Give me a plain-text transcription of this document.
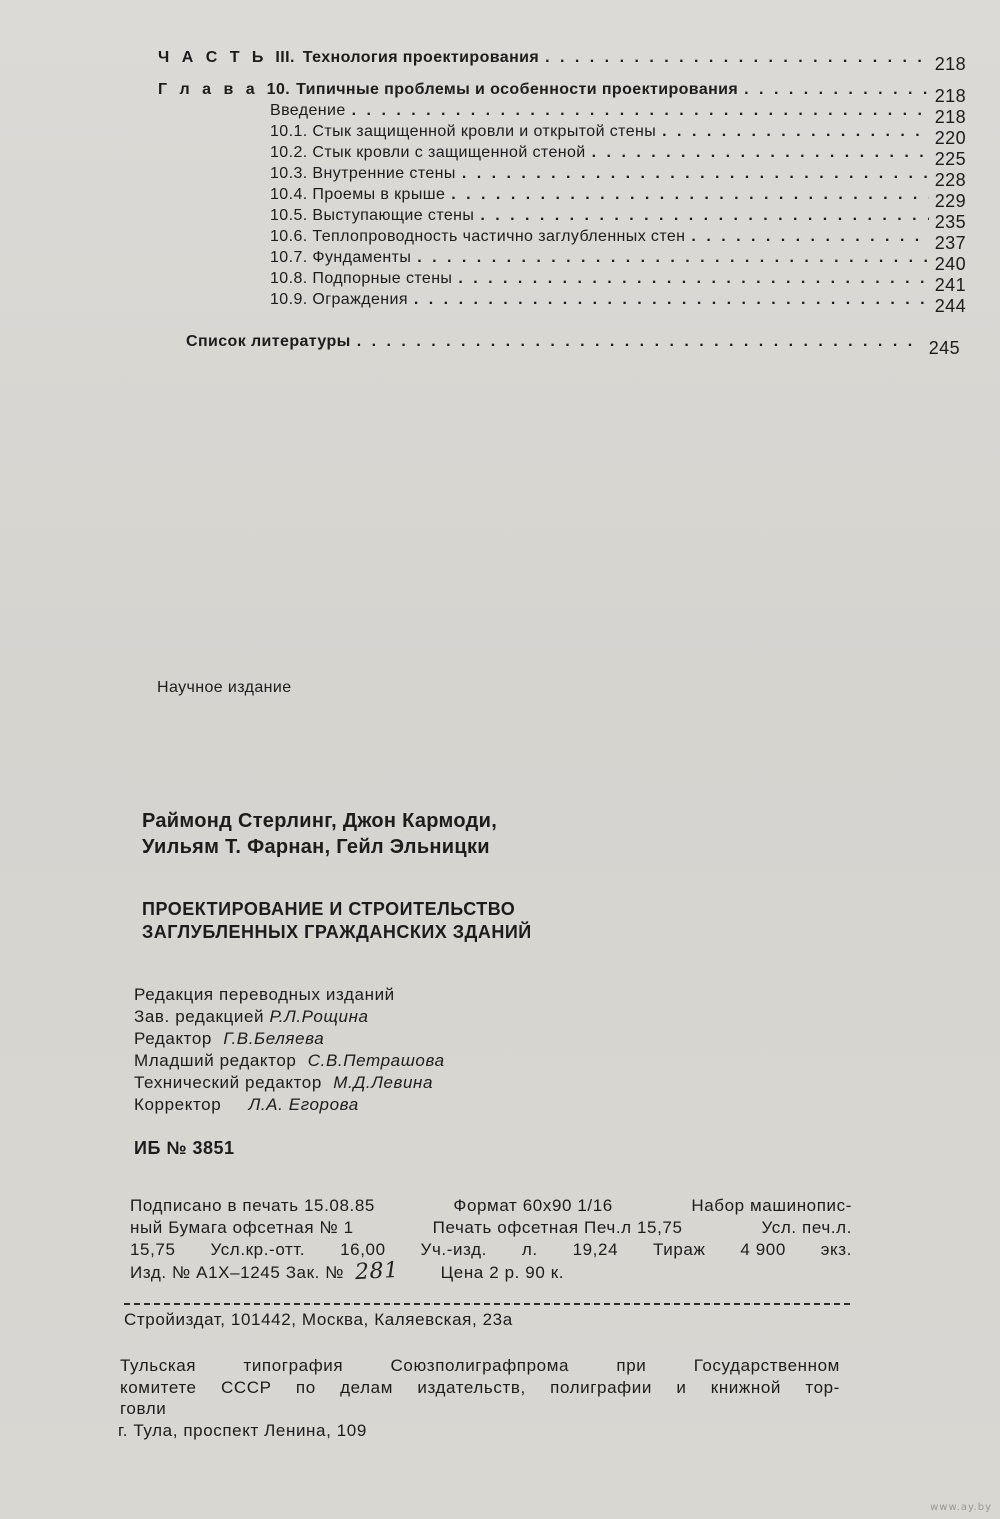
Ч А С Т Ь III. Технология проектирования . . .	218
Г л а в а 10. Типичные проблемы и особенности проектирования . . .	218
Введение . . .	218
10.1. Стык защищенной кровли и открытой стены . . .	220
10.2. Стык кровли с защищенной стеной . . .	225
10.3. Внутренние стены . . .	228
10.4. Проемы в крыше . . .	229
10.5. Выступающие стены . . .	235
10.6. Теплопроводность частично заглубленных стен . . .	237
10.7. Фундаменты . . .	240
10.8. Подпорные стены . . .	241
10.9. Ограждения . . .	244
Список литературы . . .	245
Научное издание
Раймонд Стерлинг, Джон Кармоди,
Уильям Т. Фарнан, Гейл Эльницки
ПРОЕКТИРОВАНИЕ И СТРОИТЕЛЬСТВО
ЗАГЛУБЛЕННЫХ ГРАЖДАНСКИХ ЗДАНИЙ
Редакция переводных изданий
Зав. редакцией Р.Л.Рощина
Редактор Г.В.Беляева
Младший редактор С.В.Петрашова
Технический редактор М.Д.Левина
Корректор Л.А. Егорова
ИБ № 3851
Подписано в печать 15.08.85	Формат 60x90 1/16	Набор машинопис-
ный Бумага офсетная № 1	Печать офсетная Печ.л 15,75	Усл. печ.л.
15,75 Усл.кр.-отт. 16,00 Уч.-изд. л. 19,24 Тираж 4 900 экз.
Изд. № А1Х–1245 Зак. № 281 Цена 2 р. 90 к.
Стройиздат, 101442, Москва, Каляевская, 23а
Тульская	типография	Союзполиграфпрома	при	Государственном
комитете СССР по делам издательств, полиграфии и книжной тор-
говли
г. Тула, проспект Ленина, 109
www.ay.by
